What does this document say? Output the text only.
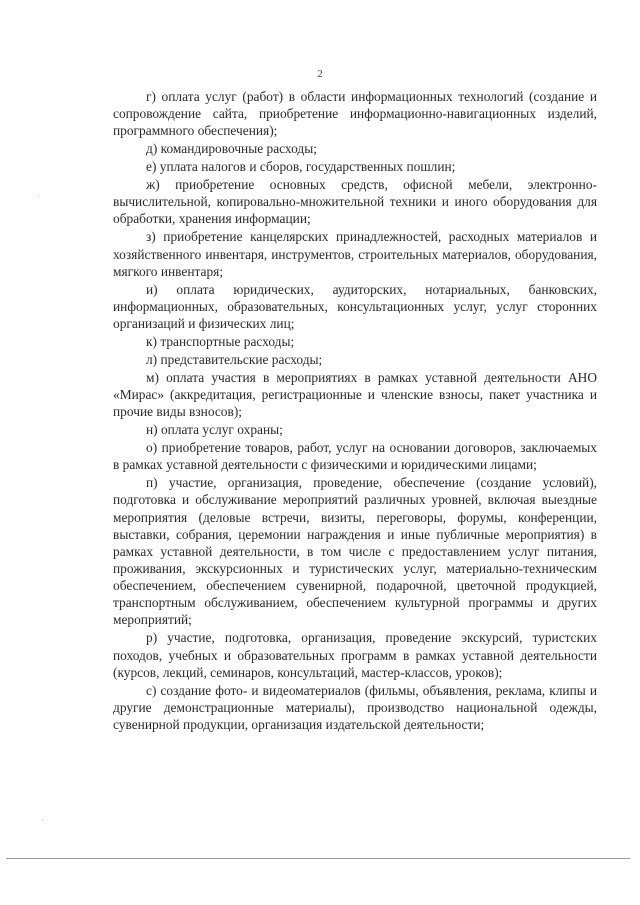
2

г) оплата услуг (работ) в области информационных технологий (создание и сопровождение сайта, приобретение информационно-навигационных изделий, программного обеспечения);

д) командировочные расходы;

е) уплата налогов и сборов, государственных пошлин;

ж) приобретение основных средств, офисной мебели, электронно-вычислительной, копировально-множительной техники и иного оборудования для обработки, хранения информации;

з) приобретение канцелярских принадлежностей, расходных материалов и хозяйственного инвентаря, инструментов, строительных материалов, оборудования, мягкого инвентаря;

и) оплата юридических, аудиторских, нотариальных, банковских, информационных, образовательных, консультационных услуг, услуг сторонних организаций и физических лиц;

к) транспортные расходы;

л) представительские расходы;

м) оплата участия в мероприятиях в рамках уставной деятельности АНО «Мирас» (аккредитация, регистрационные и членские взносы, пакет участника и прочие виды взносов);

н) оплата услуг охраны;

о) приобретение товаров, работ, услуг на основании договоров, заключаемых в рамках уставной деятельности с физическими и юридическими лицами;

п) участие, организация, проведение, обеспечение (создание условий), подготовка и обслуживание мероприятий различных уровней, включая выездные мероприятия (деловые встречи, визиты, переговоры, форумы, конференции, выставки, собрания, церемонии награждения и иные публичные мероприятия) в рамках уставной деятельности, в том числе с предоставлением услуг питания, проживания, экскурсионных и туристических услуг, материально-техническим обеспечением, обеспечением сувенирной, подарочной, цветочной продукцией, транспортным обслуживанием, обеспечением культурной программы и других мероприятий;

р) участие, подготовка, организация, проведение экскурсий, туристских походов, учебных и образовательных программ в рамках уставной деятельности (курсов, лекций, семинаров, консультаций, мастер-классов, уроков);

с) создание фото- и видеоматериалов (фильмы, объявления, реклама, клипы и другие демонстрационные материалы), производство национальной одежды, сувенирной продукции, организация издательской деятельности;
